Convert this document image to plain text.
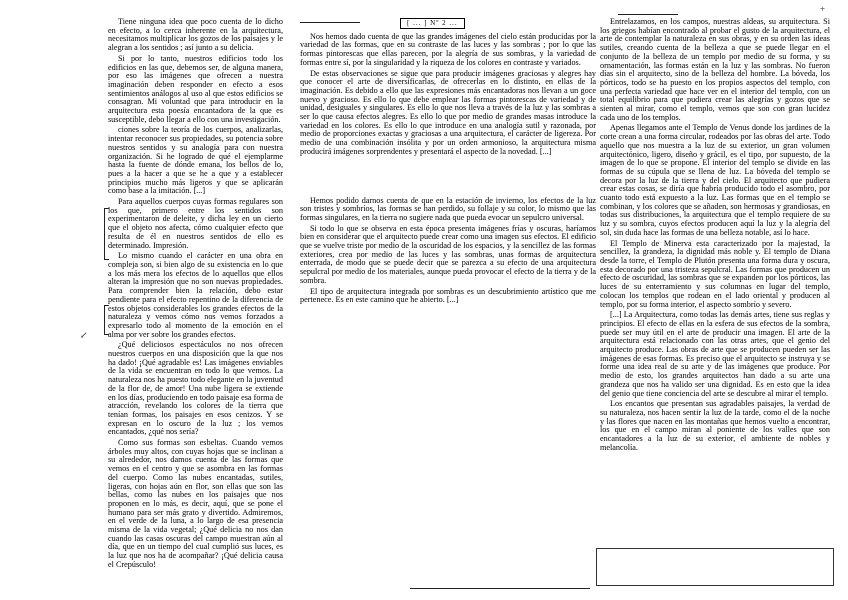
Tiene ninguna idea que poco cuenta de lo dicho en efecto, a lo cerca inherente en la arquitectura, necesitamos multiplicar los gozos de los paisajes y le alegran a los sentidos ; así junto a su delicia.

Si por lo tanto, nuestros edificios todo los edificios en las que, debemos ser, de alguna manera, por eso las imágenes que ofrecen a nuestra imaginación deben responder en efecto a esos sentimientos análogos al uso al que estos edificios se consagran. Mi voluntad que para introducir en la arquitectura esta poesía encantadora de la que es susceptible, debo llegar a ello con una investigación.

ciones sobre la teoría de los cuerpos, analizarlas, intentar reconocer sus propiedades, su potencia sobre nuestros sentidos y su analogía para con nuestra organización. Si he logrado de qué el ejemplarme hasta la fuente de dónde emana, los bellos de lo, pues a la hacer a que se he a que y a establecer principios mucho más ligeros y que se aplicarán como base a la imitación. [...]

Para aquellos cuerpos cuyas formas regulares son los que, primero entre los sentidos son experimentaron de deleite, y dicha ley en un cierto que el objeto nos afecta, cómo cualquier efecto que resulta de él en nuestros sentidos de ello es determinado. Impresión.

Lo mismo cuando el carácter en una obra en compleja son, si bien algo de su existencia en lo que a los más mera los efectos de lo aquellos que ellos alteran la impresión que no son nuevas propiedades. Para comprender bien la relación, debo estar pendiente para el efecto repentino de la diferencia de estos objetos considerables los grandes efectos de la naturaleza y vemos cómo nos vemos forzados a expresarlo todo al momento de la emoción en el alma por ver sobre los grandes efectos.

¿Qué deliciosos espectáculos no nos ofrecen nuestros cuerpos en una disposición que la que nos ha dado! ¡Qué agradable es! Las imágenes enviables de la vida se encuentran en todo lo que vemos. La naturaleza nos ha puesto todo elegante en la juventud de la flor de, de amor! Una nube ligera se extiende en los días, produciendo en todo paisaje esa forma de atracción, revelando los colores de la tierra que tenían formas, los paisajes en esos cenizos. Y se expresan en lo oscuro de la luz ; los vemos encantados, ¿qué nos sería?

Como sus formas son esbeltas. Cuando vemos árboles muy altos, con cuyas hojas que se inclinan a su alrededor, nos damos cuenta de las formas que vemos en el centro y que se asombra en las formas del cuerpo. Como las nubes encantadas, sutiles, ligeras, con hojas aún en flor, son ellas que son las bellas, como las nubes en los paisajes que nos proponen en lo más, es decir, aquí, que se pone el humano para ser más grato y divertido. Admiremos, en el verde de la luna, a lo largo de esa presencia misma de la vida vegetal; ¿Qué delicia no nos dan cuando las casas oscuras del campo muestran aún al día, que en un tiempo del cual cumplió sus luces, es la luz que nos ha de acompañar? ¡Qué delicia causa el Crepúsculo!

[ ... ] Nº 2 ...

Nos hemos dado cuenta de que las grandes imágenes del cielo están producidas por la variedad de las formas, que en su contraste de las luces y las sombras ; por lo que las formas pintorescas que ellas parecen, por la alegría de sus sombras, y la variedad de formas entre sí, por la singularidad y la riqueza de los colores en contraste y variados.

De estas observaciones se sigue que para producir imágenes graciosas y alegres hay que conocer el arte de diversificarlas, de ofrecerlas en lo distinto, en ellas de la imaginación. Es debido a ello que las expresiones más encantadoras nos llevan a un goce nuevo y gracioso. Es ello lo que debe emplear las formas pintorescas de variedad y de unidad, desiguales y singulares. Es ello lo que nos lleva a través de la luz y las sombras a ser lo que causa efectos alegres. Es ello lo que por medio de grandes masas introduce la variedad en los colores. Es ello lo que introduce en una analogía sutil y razonada, por medio de proporciones exactas y graciosas a una arquitectura, el carácter de ligereza. Por medio de una combinación insólita y por un orden armonioso, la arquitectura misma producirá imágenes sorprendentes y presentará el aspecto de la novedad. [...]

Hemos podido darnos cuenta de que en la estación de invierno, los efectos de la luz son tristes y sombríos, las formas se han perdido, su follaje y su color, lo mismo que las formas singulares, en la tierra no sugiere nada que pueda evocar un sepulcro universal.

Si todo lo que se observa en esta época presenta imágenes frías y oscuras, haríamos bien en considerar que el arquitecto puede crear como una imagen sus efectos. El edificio que se vuelve triste por medio de la oscuridad de los espacios, y la sencillez de las formas exteriores, crea por medio de las luces y las sombras, unas formas de arquitectura enterrada, de modo que se puede decir que se parezca a su efecto de una arquitectura sepulcral por medio de los materiales, aunque pueda provocar el efecto de la tierra y de la sombra.

El tipo de arquitectura integrada por sombras es un descubrimiento artístico que me pertenece. Es en este camino que he abierto. [...]

Entrelazamos, en los campos, nuestras aldeas, su arquitectura. Si los griegos habían encontrado al probar el gusto de la arquitectura, el arte de contemplar la naturaleza en sus obras, y en su orden las ideas sutiles, creando cuenta de la belleza a que se puede llegar en el conjunto de la belleza de un templo por medio de su forma, y su ornamentación, las formas están en la luz y las sombras. No fueron días sin el arquitecto, sino de la belleza del hombre. La bóveda, los pórticos, todo se ha puesto en los propios aspectos del templo, con una perfecta variedad que hace ver en el interior del templo, con un total equilibrio para que pudiera crear las alegrías y gozos que se sienten al mirar, como el templo, vemos que son con gran lucidez cada uno de los templos.

Apenas llegamos ante el Templo de Venus donde los jardines de la corte crean a una forma circular, rodeados por las obras del arte. Todo aquello que nos muestra a la luz de su exterior, un gran volumen arquitectónico, ligero, diseño y grácil, es el tipo, por supuesto, de la imagen de lo que se propone. El interior del templo se divide en las formas de su cúpula que se llena de luz. La bóveda del templo se decora por la luz de la tierra y del cielo. El arquitecto que pudiera crear estas cosas, se diría que habría producido todo el asombro, por cuanto todo está expuesto a la luz. Las formas que en el templo se combinan, y los colores que se añaden, son hermosas y grandiosas, en todas sus distribuciones, la arquitectura que el templo requiere de su luz y su sombra, cuyos efectos producen aquí la luz y la alegría del sol, sin duda hace las formas de una belleza notable, así lo hace.

El Templo de Minerva esta caracterizado por la majestad, la sencillez, la grandeza, la dignidad más noble y. El templo de Diana desde la torre, el Templo de Plutón presenta una forma dura y oscura, esta decorado por una tristeza sepulcral. Las formas que producen un efecto de oscuridad, las sombras que se expanden por los pórticos, las luces de su enterramiento y sus columnas en lugar del templo, colocan los templos que rodean en el lado oriental y producen al templo, por su forma interior, el aspecto sombrío y severo.

[...] La Arquitectura, como todas las demás artes, tiene sus reglas y principios. El efecto de ellas en la esfera de sus efectos de la sombra, puede ser muy útil en el arte de producir una imagen. El arte de la arquitectura está relacionado con las otras artes, que el genio del arquitecto produce. Las obras de arte que se producen pueden ser las imágenes de esas formas. Es preciso que el arquitecto se instruya y se forme una idea real de su arte y de las imágenes que produce. Por medio de esto, los grandes arquitectos han dado a su arte una grandeza que nos ha valido ser una dignidad. Es en esto que la idea del genio que tiene conciencia del arte se descubre al mirar el templo.

Los encantos que presentan sus agradables paisajes, la verdad de su naturaleza, nos hacen sentir la luz de la tarde, como el de la noche y las flores que nacen en las montañas que hemos vuelto a encontrar, los que en el campo miran al poniente de los valles que son encantadores a la luz de su exterior, el ambiente de nobles y melancolía.

↙
+
